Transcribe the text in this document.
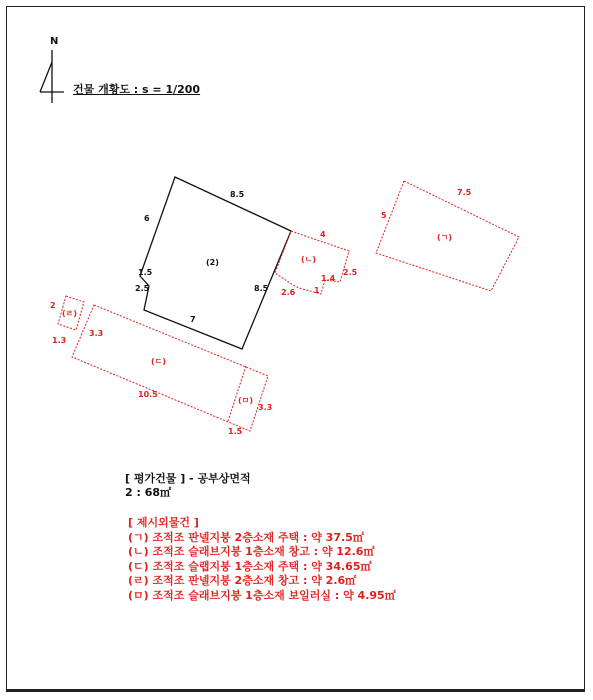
N
건물 개황도 : s = 1/200
(2)
8.5
6
1.5
2.5
7
8.5
(ㄱ)
7.5
5
(ㄴ)
4
2.5
1.4
1
2.6
(ㄷ)
3.3
10.5
(ㄹ)
2
1.3
(ㅁ)
3.3
1.5
[ 평가건물 ] - 공부상면적
2 : 68㎡
[ 제시외물건 ]
(ㄱ) 조적조 판넬지붕 2층소재 주택 : 약 37.5㎡
(ㄴ) 조적조 슬래브지붕 1층소재 창고 : 약 12.6㎡
(ㄷ) 조적조 슬랩지붕 1층소재 주택 : 약 34.65㎡
(ㄹ) 조적조 판넬지붕 2층소재 창고 : 약 2.6㎡
(ㅁ) 조적조 슬래브지붕 1층소재 보일러실 : 약 4.95㎡
